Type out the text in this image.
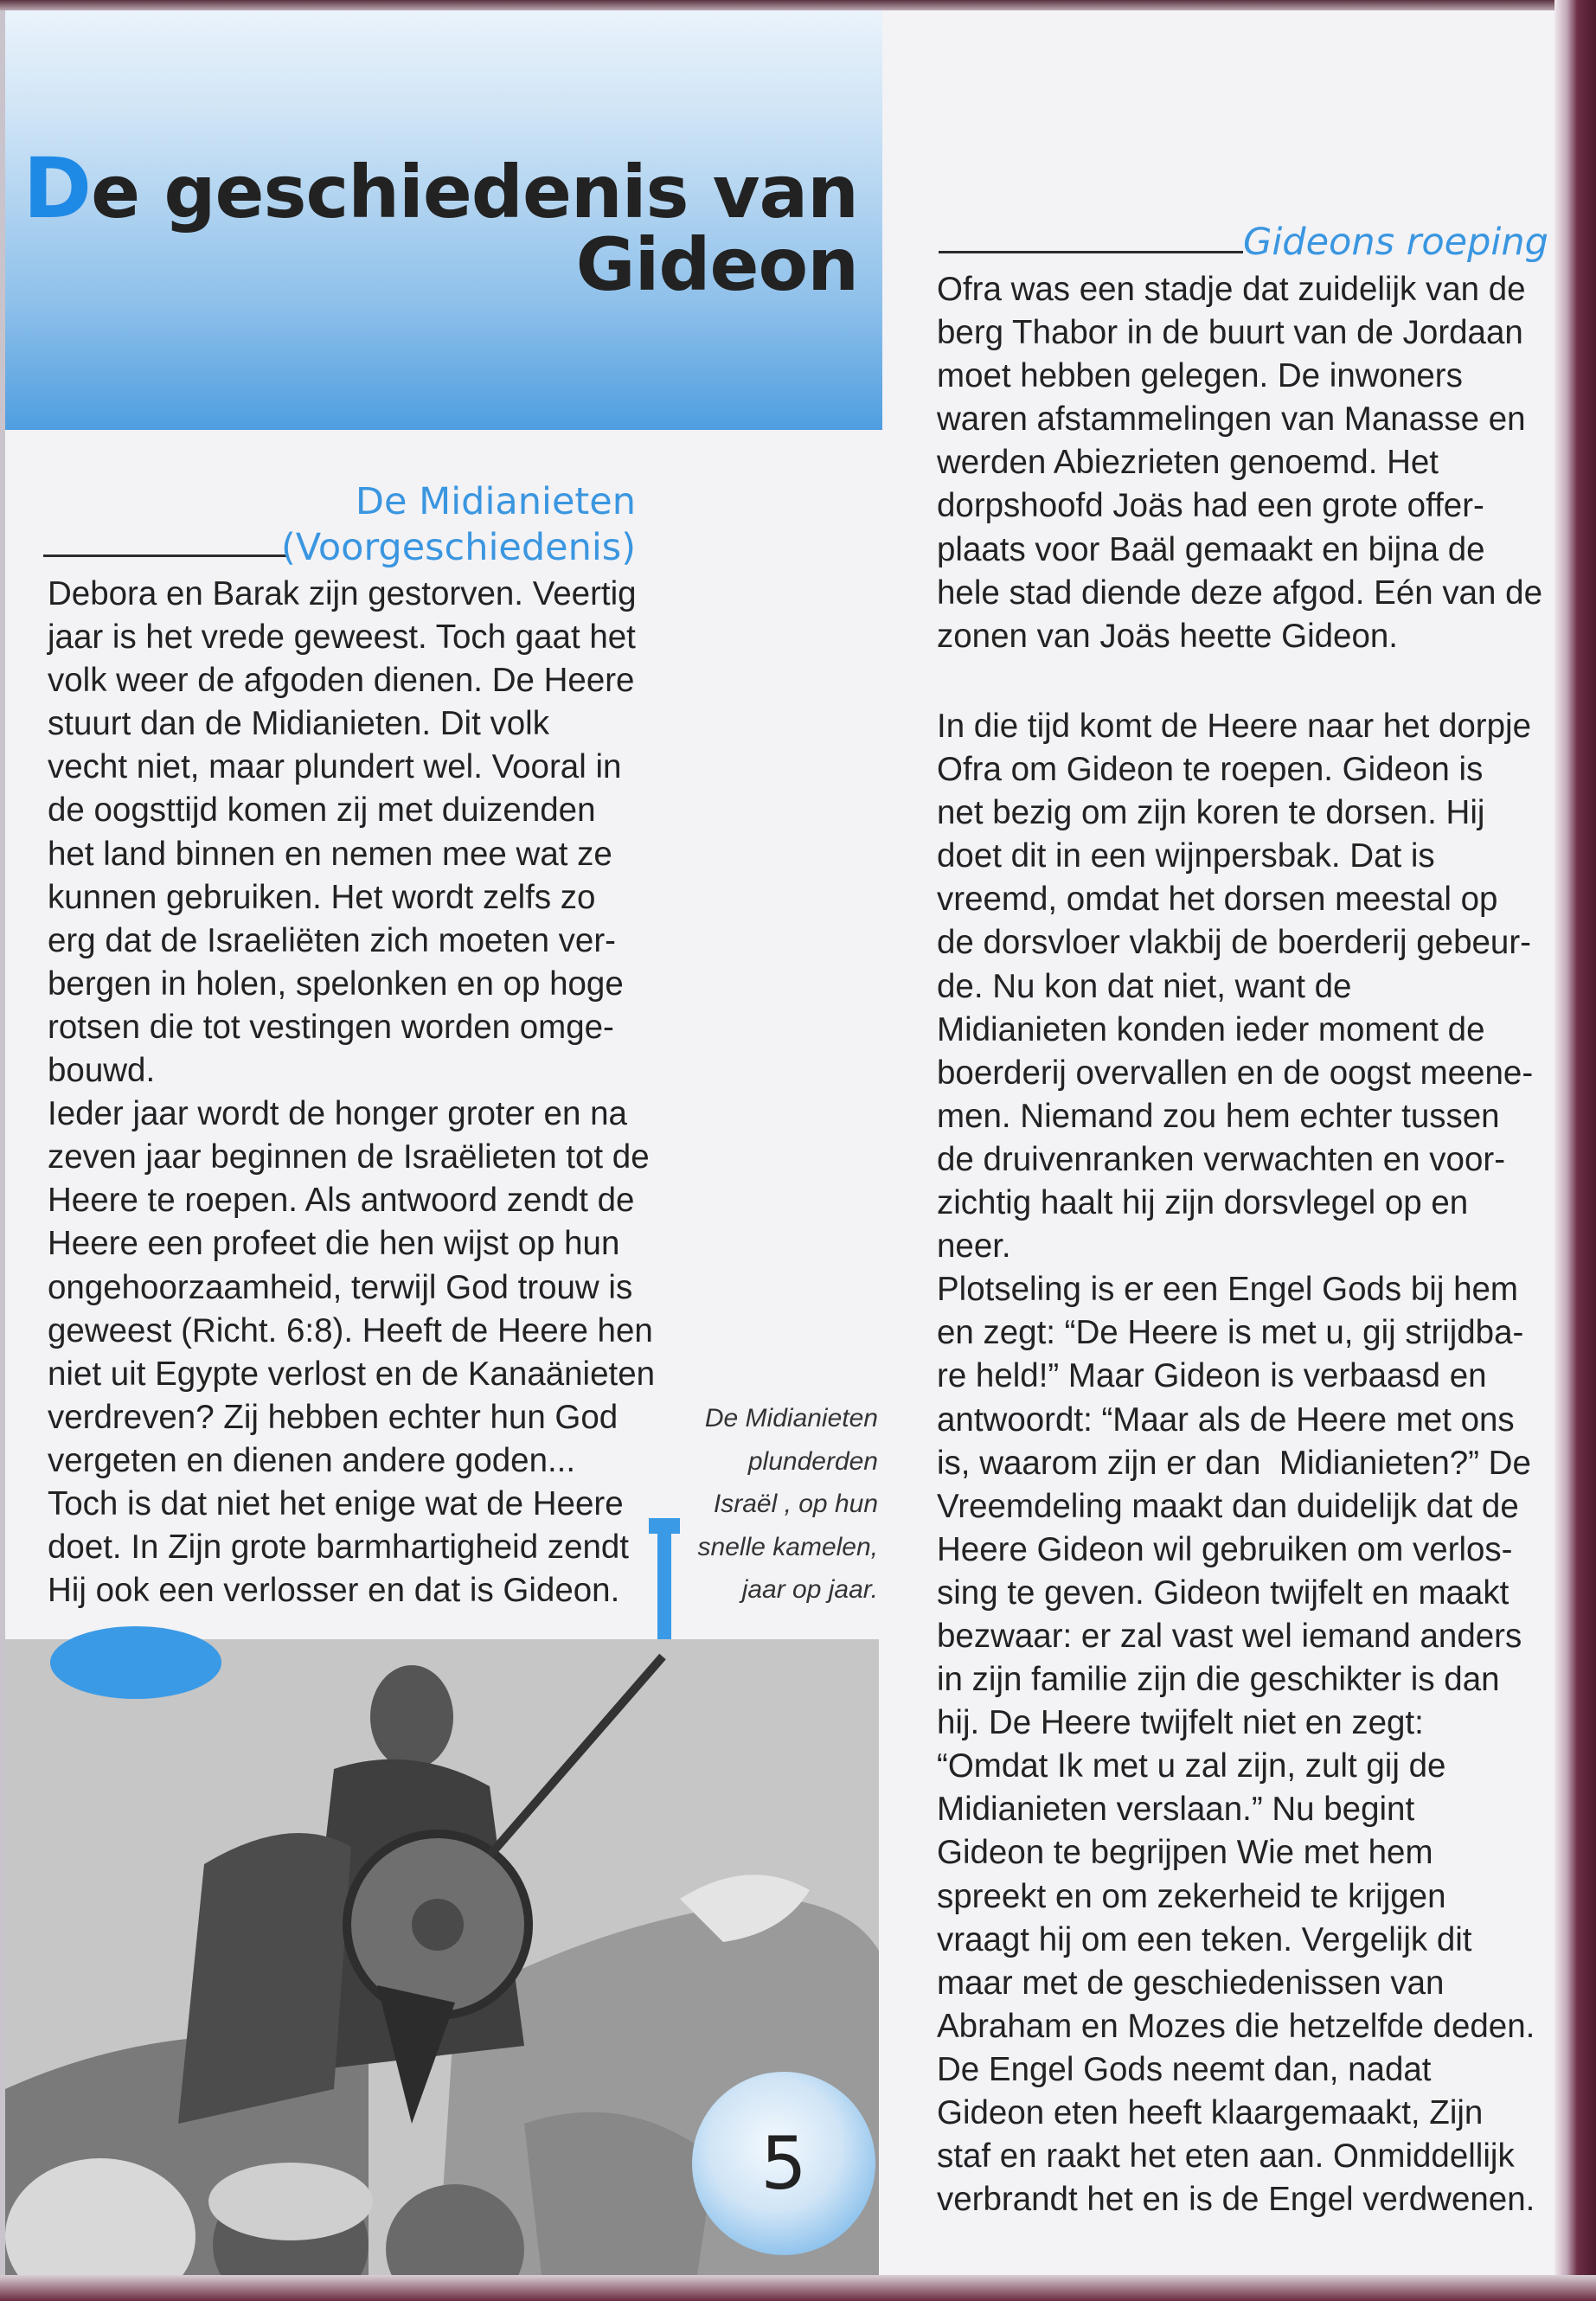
De geschiedenis van
Gideon
De Midianieten
(Voorgeschiedenis)
Debora en Barak zijn gestorven. Veertig
jaar is het vrede geweest. Toch gaat het
volk weer de afgoden dienen. De Heere
stuurt dan de Midianieten. Dit volk
vecht niet, maar plundert wel. Vooral in
de oogsttijd komen zij met duizenden
het land binnen en nemen mee wat ze
kunnen gebruiken. Het wordt zelfs zo
erg dat de Israeliëten zich moeten ver-
bergen in holen, spelonken en op hoge
rotsen die tot vestingen worden omge-
bouwd.
Ieder jaar wordt de honger groter en na
zeven jaar beginnen de Israëlieten tot de
Heere te roepen. Als antwoord zendt de
Heere een profeet die hen wijst op hun
ongehoorzaamheid, terwijl God trouw is
geweest (Richt. 6:8). Heeft de Heere hen
niet uit Egypte verlost en de Kanaänieten
verdreven? Zij hebben echter hun God
vergeten en dienen andere goden...
Toch is dat niet het enige wat de Heere
doet. In Zijn grote barmhartigheid zendt
Hij ook een verlosser en dat is Gideon.
De Midianieten
plunderden
Israël , op hun
snelle kamelen,
jaar op jaar.
5
Gideons roeping
Ofra was een stadje dat zuidelijk van de
berg Thabor in de buurt van de Jordaan
moet hebben gelegen. De inwoners
waren afstammelingen van Manasse en
werden Abiezrieten genoemd. Het
dorpshoofd Joäs had een grote offer-
plaats voor Baäl gemaakt en bijna de
hele stad diende deze afgod. Eén van de
zonen van Joäs heette Gideon.
In die tijd komt de Heere naar het dorpje
Ofra om Gideon te roepen. Gideon is
net bezig om zijn koren te dorsen. Hij
doet dit in een wijnpersbak. Dat is
vreemd, omdat het dorsen meestal op
de dorsvloer vlakbij de boerderij gebeur-
de. Nu kon dat niet, want de
Midianieten konden ieder moment de
boerderij overvallen en de oogst meene-
men. Niemand zou hem echter tussen
de druivenranken verwachten en voor-
zichtig haalt hij zijn dorsvlegel op en
neer.
Plotseling is er een Engel Gods bij hem
en zegt: “De Heere is met u, gij strijdba-
re held!” Maar Gideon is verbaasd en
antwoordt: “Maar als de Heere met ons
is, waarom zijn er dan  Midianieten?” De
Vreemdeling maakt dan duidelijk dat de
Heere Gideon wil gebruiken om verlos-
sing te geven. Gideon twijfelt en maakt
bezwaar: er zal vast wel iemand anders
in zijn familie zijn die geschikter is dan
hij. De Heere twijfelt niet en zegt:
“Omdat Ik met u zal zijn, zult gij de
Midianieten verslaan.” Nu begint
Gideon te begrijpen Wie met hem
spreekt en om zekerheid te krijgen
vraagt hij om een teken. Vergelijk dit
maar met de geschiedenissen van
Abraham en Mozes die hetzelfde deden.
De Engel Gods neemt dan, nadat
Gideon eten heeft klaargemaakt, Zijn
staf en raakt het eten aan. Onmiddellijk
verbrandt het en is de Engel verdwenen.
